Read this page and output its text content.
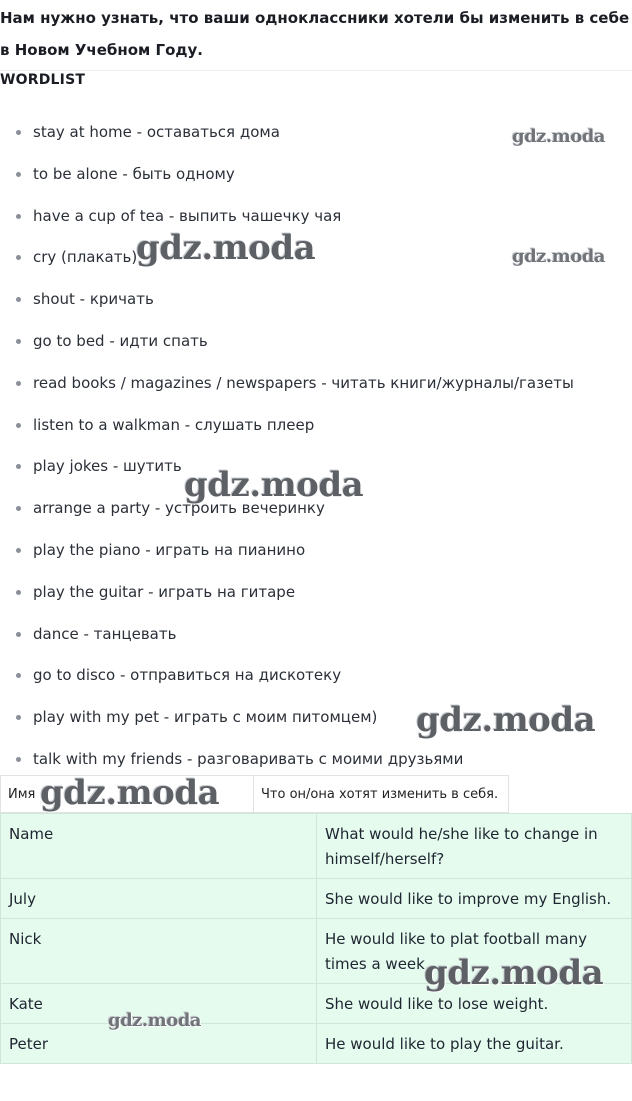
Нам нужно узнать, что ваши одноклассники хотели бы изменить в себе в Новом Учебном Году.
WORDLIST
stay at home - оставаться дома
to be alone - быть одному
have a cup of tea - выпить чашечку чая
cry (плакать)
shout - кричать
go to bed - идти спать
read books / magazines / newspapers - читать книги/журналы/газеты
listen to a walkman - слушать плеер
play jokes - шутить
arrange a party - устроить вечеринку
play the piano - играть на пианино
play the guitar - играть на гитаре
dance - танцевать
go to disco - отправиться на дискотеку
play with my pet - играть с моим питомцем)
talk with my friends - разговаривать с моими друзьями
Имя	Что он/она хотят изменить в себя.
Name	What would he/she like to change in himself/herself?
July	She would like to improve my English.
Nick	He would like to plat football many times a week.
Kate	She would like to lose weight.
Peter	He would like to play the guitar.
gdz.moda
gdz.moda	gdz.moda
gdz.moda
gdz.moda
gdz.moda
gdz.moda
gdz.moda
